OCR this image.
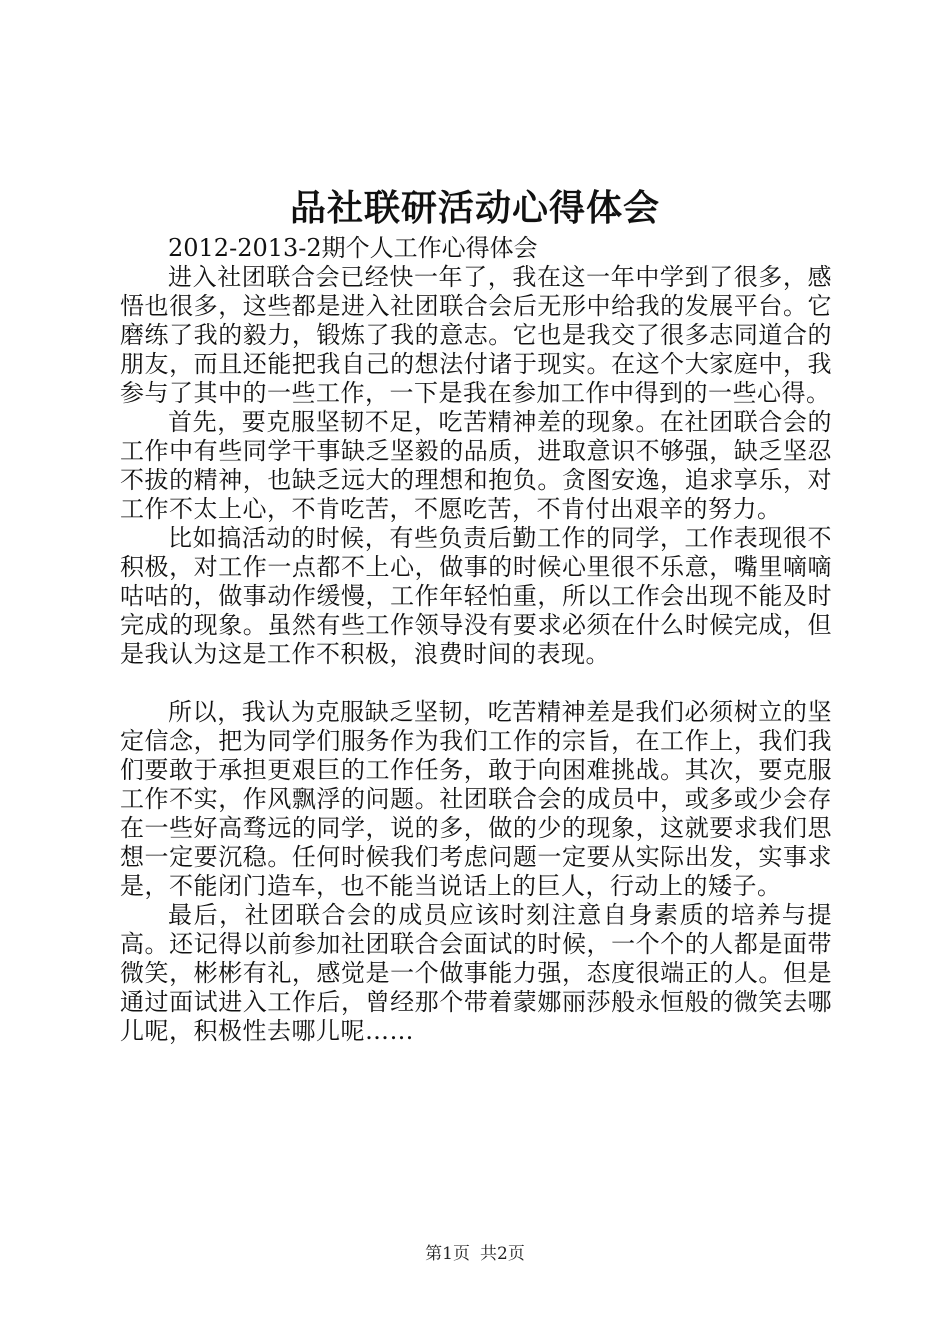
品社联研活动心得体会

2012-2013-2期个人工作心得体会

进入社团联合会已经快一年了，我在这一年中学到了很多，感悟也很多，这些都是进入社团联合会后无形中给我的发展平台。它磨练了我的毅力，锻炼了我的意志。它也是我交了很多志同道合的朋友，而且还能把我自己的想法付诸于现实。在这个大家庭中，我参与了其中的一些工作，一下是我在参加工作中得到的一些心得。

首先，要克服坚韧不足，吃苦精神差的现象。在社团联合会的工作中有些同学干事缺乏坚毅的品质，进取意识不够强，缺乏坚忍不拔的精神，也缺乏远大的理想和抱负。贪图安逸，追求享乐，对工作不太上心，不肯吃苦，不愿吃苦，不肯付出艰辛的努力。

比如搞活动的时候，有些负责后勤工作的同学，工作表现很不积极，对工作一点都不上心，做事的时候心里很不乐意，嘴里嘀嘀咕咕的，做事动作缓慢，工作年轻怕重，所以工作会出现不能及时完成的现象。虽然有些工作领导没有要求必须在什么时候完成，但是我认为这是工作不积极，浪费时间的表现。

所以，我认为克服缺乏坚韧，吃苦精神差是我们必须树立的坚定信念，把为同学们服务作为我们工作的宗旨，在工作上，我们我们要敢于承担更艰巨的工作任务，敢于向困难挑战。其次，要克服工作不实，作风飘浮的问题。社团联合会的成员中，或多或少会存在一些好高骛远的同学，说的多，做的少的现象，这就要求我们思想一定要沉稳。任何时候我们考虑问题一定要从实际出发，实事求是，不能闭门造车，也不能当说话上的巨人，行动上的矮子。

最后，社团联合会的成员应该时刻注意自身素质的培养与提高。还记得以前参加社团联合会面试的时候，一个个的人都是面带微笑，彬彬有礼，感觉是一个做事能力强，态度很端正的人。但是通过面试进入工作后，曾经那个带着蒙娜丽莎般永恒般的微笑去哪儿呢，积极性去哪儿呢……

第1页 共2页
